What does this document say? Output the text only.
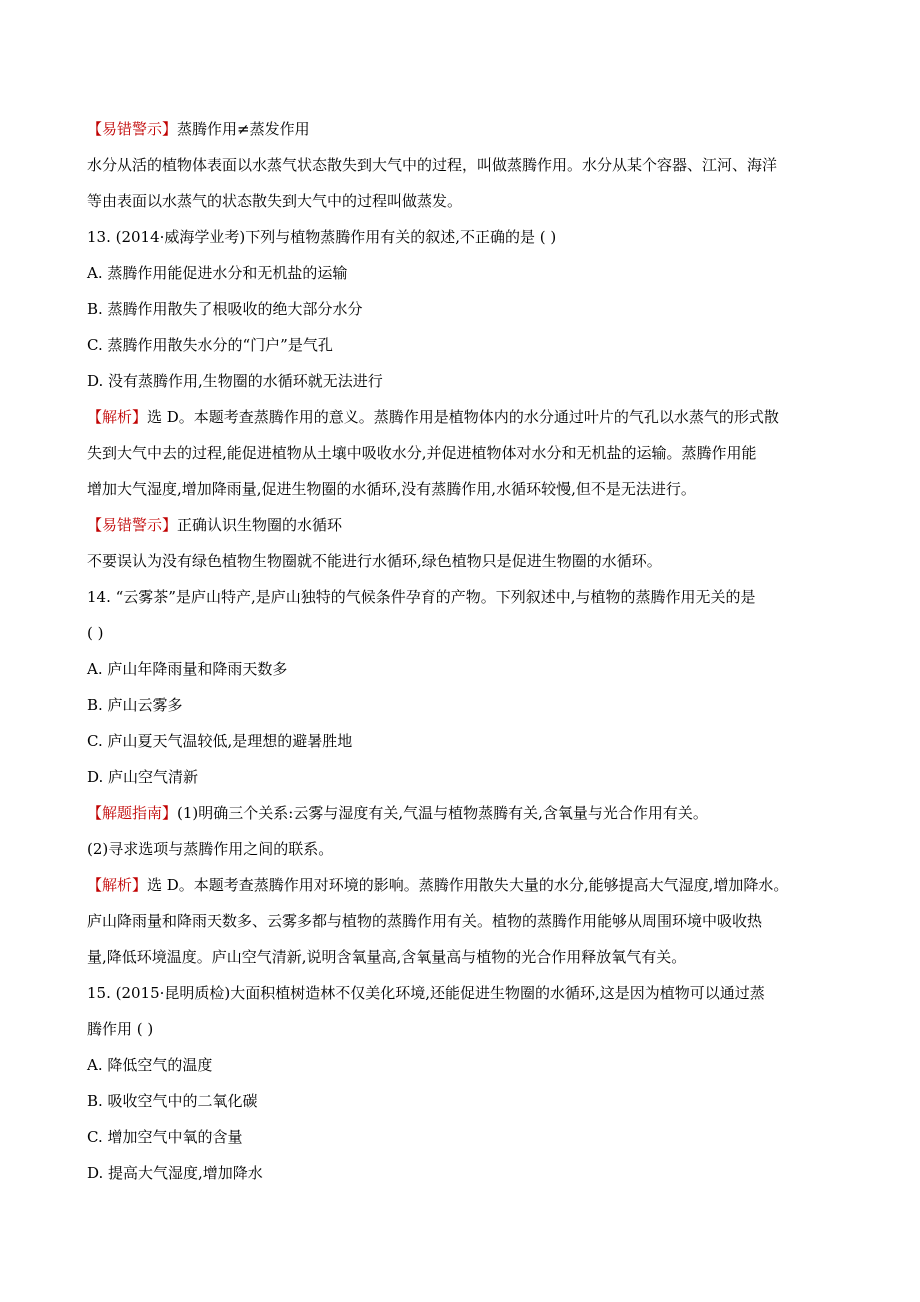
【易错警示】蒸腾作用≠蒸发作用
水分从活的植物体表面以水蒸气状态散失到大气中的过程，叫做蒸腾作用。水分从某个容器、江河、海洋
等由表面以水蒸气的状态散失到大气中的过程叫做蒸发。
13. (2014·威海学业考)下列与植物蒸腾作用有关的叙述,不正确的是 ( )
A. 蒸腾作用能促进水分和无机盐的运输
B. 蒸腾作用散失了根吸收的绝大部分水分
C. 蒸腾作用散失水分的“门户”是气孔
D. 没有蒸腾作用,生物圈的水循环就无法进行
【解析】选 D。本题考查蒸腾作用的意义。蒸腾作用是植物体内的水分通过叶片的气孔以水蒸气的形式散
失到大气中去的过程,能促进植物从土壤中吸收水分,并促进植物体对水分和无机盐的运输。蒸腾作用能
增加大气湿度,增加降雨量,促进生物圈的水循环,没有蒸腾作用,水循环较慢,但不是无法进行。
【易错警示】正确认识生物圈的水循环
不要误认为没有绿色植物生物圈就不能进行水循环,绿色植物只是促进生物圈的水循环。
14. “云雾茶”是庐山特产,是庐山独特的气候条件孕育的产物。下列叙述中,与植物的蒸腾作用无关的是
( )
A. 庐山年降雨量和降雨天数多
B. 庐山云雾多
C. 庐山夏天气温较低,是理想的避暑胜地
D. 庐山空气清新
【解题指南】(1)明确三个关系:云雾与湿度有关,气温与植物蒸腾有关,含氧量与光合作用有关。
(2)寻求选项与蒸腾作用之间的联系。
【解析】选 D。本题考查蒸腾作用对环境的影响。蒸腾作用散失大量的水分,能够提高大气湿度,增加降水。
庐山降雨量和降雨天数多、云雾多都与植物的蒸腾作用有关。植物的蒸腾作用能够从周围环境中吸收热
量,降低环境温度。庐山空气清新,说明含氧量高,含氧量高与植物的光合作用释放氧气有关。
15. (2015·昆明质检)大面积植树造林不仅美化环境,还能促进生物圈的水循环,这是因为植物可以通过蒸
腾作用 ( )
A. 降低空气的温度
B. 吸收空气中的二氧化碳
C. 增加空气中氧的含量
D. 提高大气湿度,增加降水
